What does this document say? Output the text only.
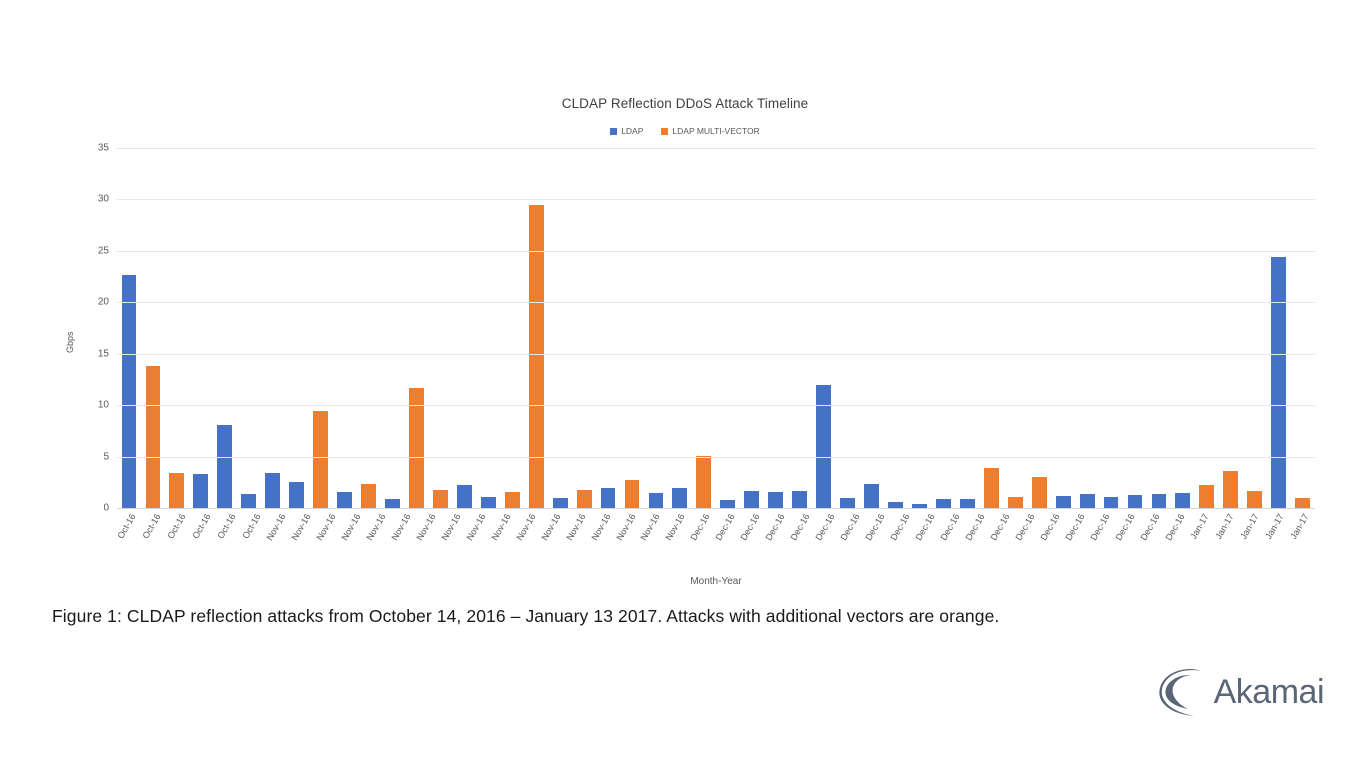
CLDAP Reflection DDoS Attack Timeline
LDAP	LDAP MULTI-VECTOR
Gbps
0
5
10
15
20
25
30
35
Oct-16 Oct-16 Oct-16 Oct-16 Oct-16 Oct-16 Nov-16 Nov-16 Nov-16 Nov-16 Nov-16 Nov-16 Nov-16 Nov-16 Nov-16 Nov-16 Nov-16 Nov-16 Nov-16 Nov-16 Nov-16 Nov-16 Nov-16 Dec-16 Dec-16 Dec-16 Dec-16 Dec-16 Dec-16 Dec-16 Dec-16 Dec-16 Dec-16 Dec-16 Dec-16 Dec-16 Dec-16 Dec-16 Dec-16 Dec-16 Dec-16 Dec-16 Dec-16 Jan-17 Jan-17 Jan-17 Jan-17 Jan-17
Month-Year
Figure 1: CLDAP reflection attacks from October 14, 2016 – January 13 2017. Attacks with additional vectors are orange.
Akamai
